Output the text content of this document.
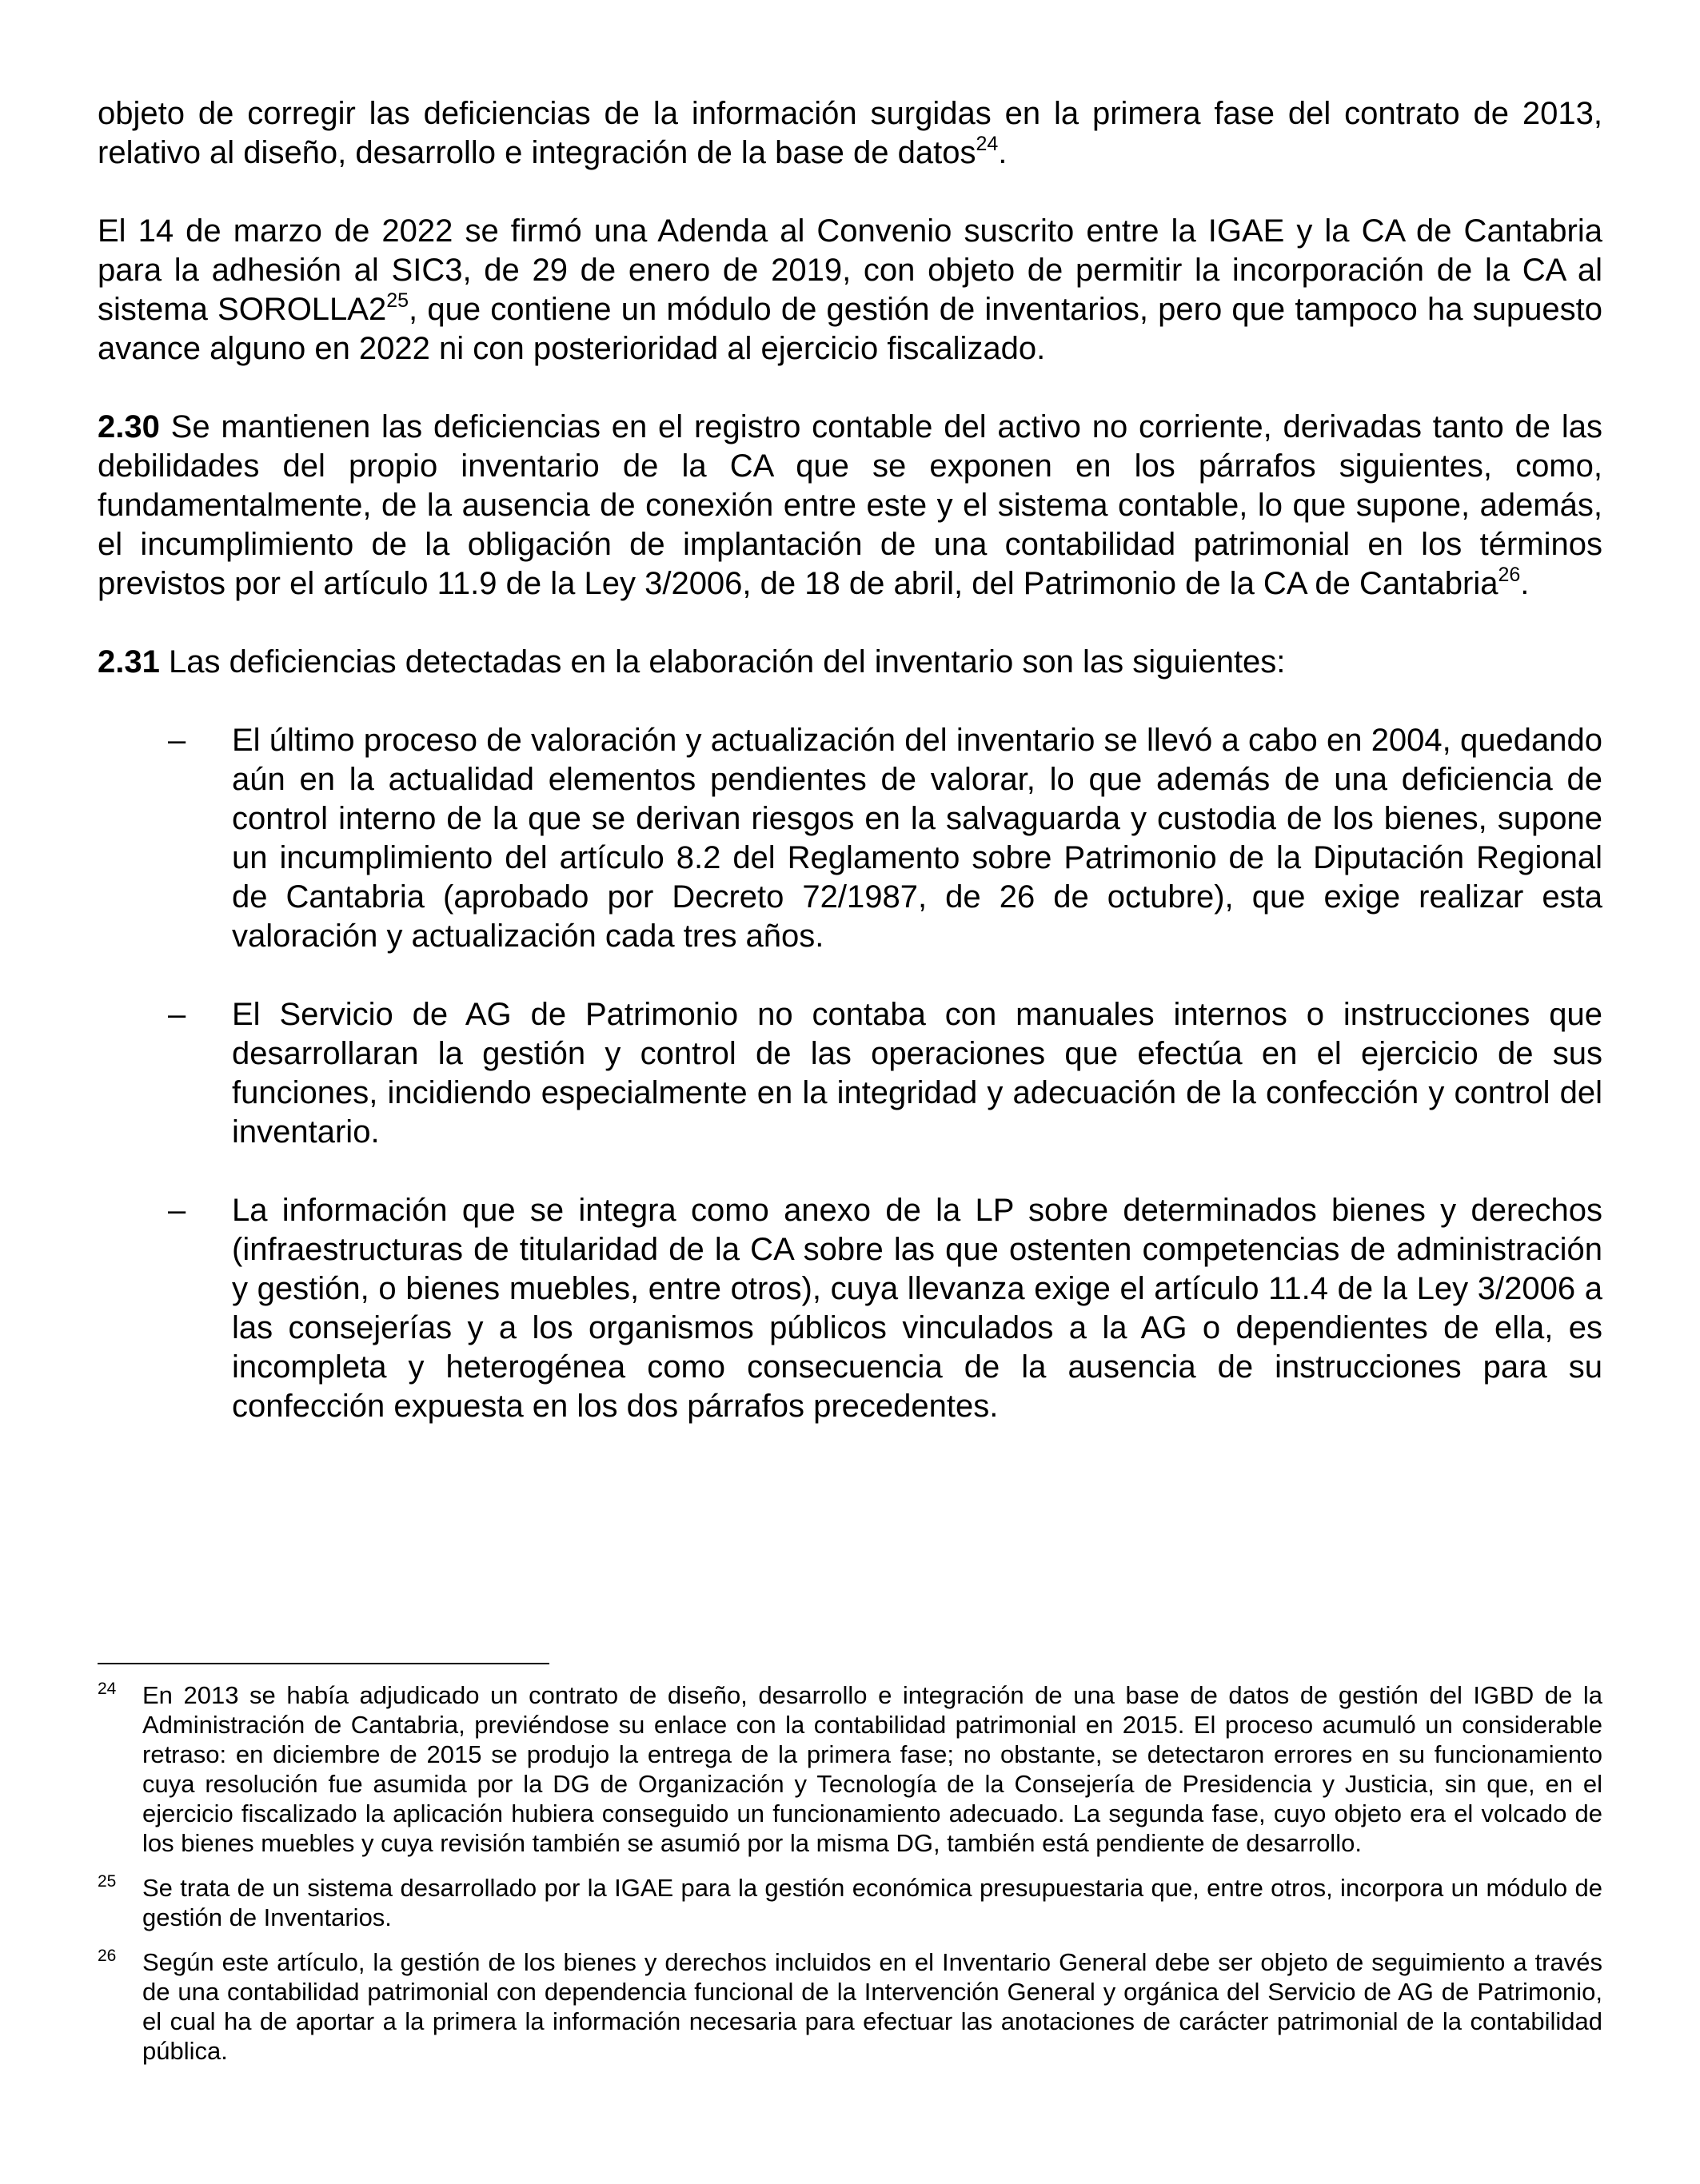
objeto de corregir las deficiencias de la información surgidas en la primera fase del contrato de 2013, relativo al diseño, desarrollo e integración de la base de datos$^{24}$.

El 14 de marzo de 2022 se firmó una Adenda al Convenio suscrito entre la IGAE y la CA de Cantabria para la adhesión al SIC3, de 29 de enero de 2019, con objeto de permitir la incorporación de la CA al sistema $SOROLLA2^{25}$, que contiene un módulo de gestión de inventarios, pero que tampoco ha supuesto avance alguno en 2022 ni con posterioridad al ejercicio fiscalizado.

2.30 Se mantienen las deficiencias en el registro contable del activo no corriente, derivadas tanto de las debilidades del propio inventario de la CA que se exponen en los párrafos siguientes, como, fundamentalmente, de la ausencia de conexión entre este y el sistema contable, lo que supone, además, el incumplimiento de la obligación de implantación de una contabilidad patrimonial en los términos previstos por el artículo 11.9 de la Ley 3/2006, de 18 de abril, del Patrimonio de la CA de Cantabria$^{26}$.

2.31 Las deficiencias detectadas en la elaboración del inventario son las siguientes:

– El último proceso de valoración y actualización del inventario se llevó a cabo en 2004, quedando aún en la actualidad elementos pendientes de valorar, lo que además de una deficiencia de control interno de la que se derivan riesgos en la salvaguarda y custodia de los bienes, supone un incumplimiento del artículo 8.2 del Reglamento sobre Patrimonio de la Diputación Regional de Cantabria (aprobado por Decreto 72/1987, de 26 de octubre), que exige realizar esta valoración y actualización cada tres años.
– El Servicio de AG de Patrimonio no contaba con manuales internos o instrucciones que desarrollaran la gestión y control de las operaciones que efectúa en el ejercicio de sus funciones, incidiendo especialmente en la integridad y adecuación de la confección y control del inventario.
– La información que se integra como anexo de la LP sobre determinados bienes y derechos (infraestructuras de titularidad de la CA sobre las que ostenten competencias de administración y gestión, o bienes muebles, entre otros), cuya llevanza exige el artículo 11.4 de la Ley 3/2006 a las consejerías y a los organismos públicos vinculados a la AG o dependientes de ella, es incompleta y heterogénea como consecuencia de la ausencia de instrucciones para su confección expuesta en los dos párrafos precedentes.

24 En 2013 se había adjudicado un contrato de diseño, desarrollo e integración de una base de datos de gestión del IGBD de la Administración de Cantabria, previéndose su enlace con la contabilidad patrimonial en 2015. El proceso acumuló un considerable retraso: en diciembre de 2015 se produjo la entrega de la primera fase; no obstante, se detectaron errores en su funcionamiento cuya resolución fue asumida por la DG de Organización y Tecnología de la Consejería de Presidencia y Justicia, sin que, en el ejercicio fiscalizado la aplicación hubiera conseguido un funcionamiento adecuado. La segunda fase, cuyo objeto era el volcado de los bienes muebles y cuya revisión también se asumió por la misma DG, también está pendiente de desarrollo.

25 Se trata de un sistema desarrollado por la IGAE para la gestión económica presupuestaria que, entre otros, incorpora un módulo de gestión de Inventarios.

26 Según este artículo, la gestión de los bienes y derechos incluidos en el Inventario General debe ser objeto de seguimiento a través de una contabilidad patrimonial con dependencia funcional de la Intervención General y orgánica del Servicio de AG de Patrimonio, el cual ha de aportar a la primera la información necesaria para efectuar las anotaciones de carácter patrimonial de la contabilidad pública.
